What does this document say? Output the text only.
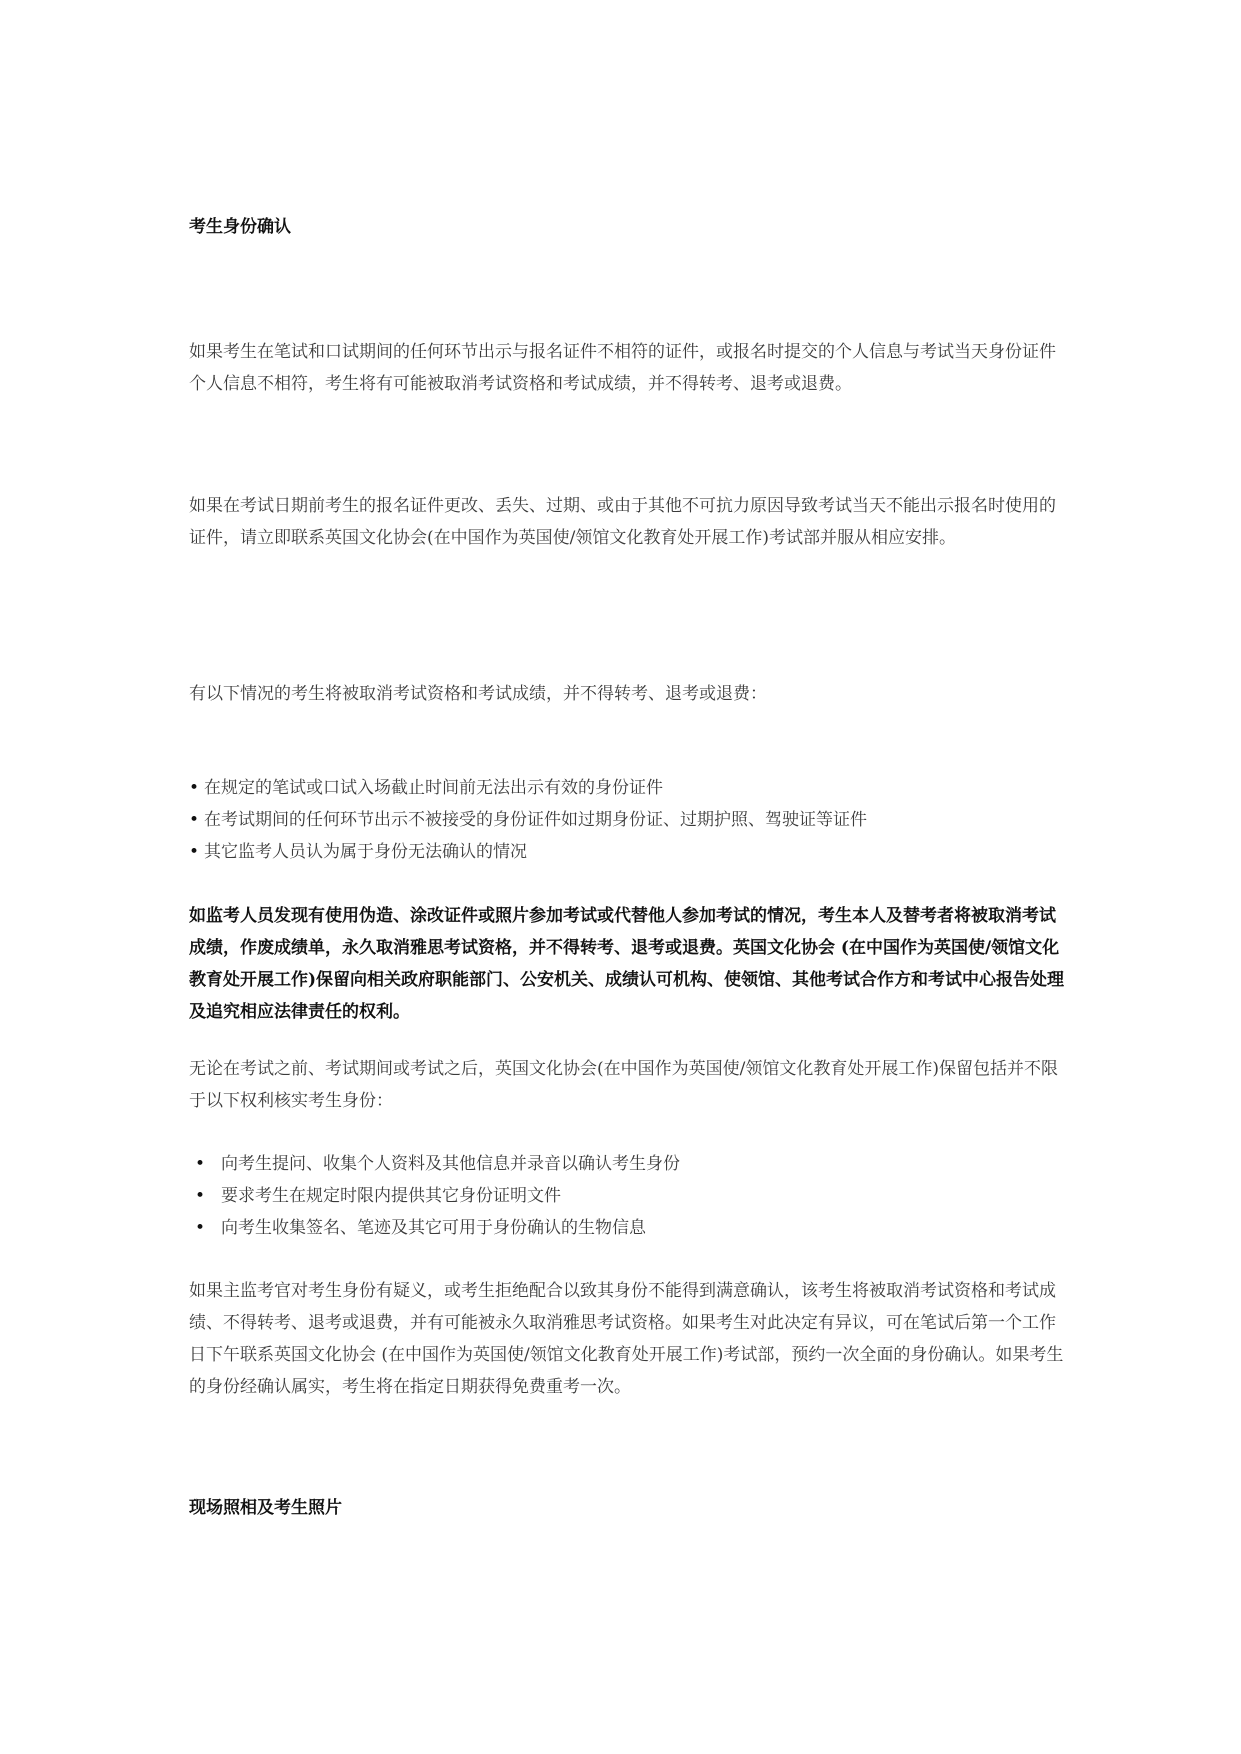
考生身份确认

如果考生在笔试和口试期间的任何环节出示与报名证件不相符的证件，或报名时提交的个人信息与考试当天身份证件个人信息不相符，考生将有可能被取消考试资格和考试成绩，并不得转考、退考或退费。

如果在考试日期前考生的报名证件更改、丢失、过期、或由于其他不可抗力原因导致考试当天不能出示报名时使用的证件，请立即联系英国文化协会(在中国作为英国使/领馆文化教育处开展工作)考试部并服从相应安排。

有以下情况的考生将被取消考试资格和考试成绩，并不得转考、退考或退费：

• 在规定的笔试或口试入场截止时间前无法出示有效的身份证件
• 在考试期间的任何环节出示不被接受的身份证件如过期身份证、过期护照、驾驶证等证件
• 其它监考人员认为属于身份无法确认的情况

如监考人员发现有使用伪造、涂改证件或照片参加考试或代替他人参加考试的情况，考生本人及替考者将被取消考试成绩，作废成绩单，永久取消雅思考试资格，并不得转考、退考或退费。英国文化协会 (在中国作为英国使/领馆文化教育处开展工作)保留向相关政府职能部门、公安机关、成绩认可机构、使领馆、其他考试合作方和考试中心报告处理及追究相应法律责任的权利。

无论在考试之前、考试期间或考试之后，英国文化协会(在中国作为英国使/领馆文化教育处开展工作)保留包括并不限于以下权利核实考生身份：

• 向考生提问、收集个人资料及其他信息并录音以确认考生身份
• 要求考生在规定时限内提供其它身份证明文件
• 向考生收集签名、笔迹及其它可用于身份确认的生物信息

如果主监考官对考生身份有疑义，或考生拒绝配合以致其身份不能得到满意确认，该考生将被取消考试资格和考试成绩、不得转考、退考或退费，并有可能被永久取消雅思考试资格。如果考生对此决定有异议，可在笔试后第一个工作日下午联系英国文化协会 (在中国作为英国使/领馆文化教育处开展工作)考试部，预约一次全面的身份确认。如果考生的身份经确认属实，考生将在指定日期获得免费重考一次。

现场照相及考生照片
